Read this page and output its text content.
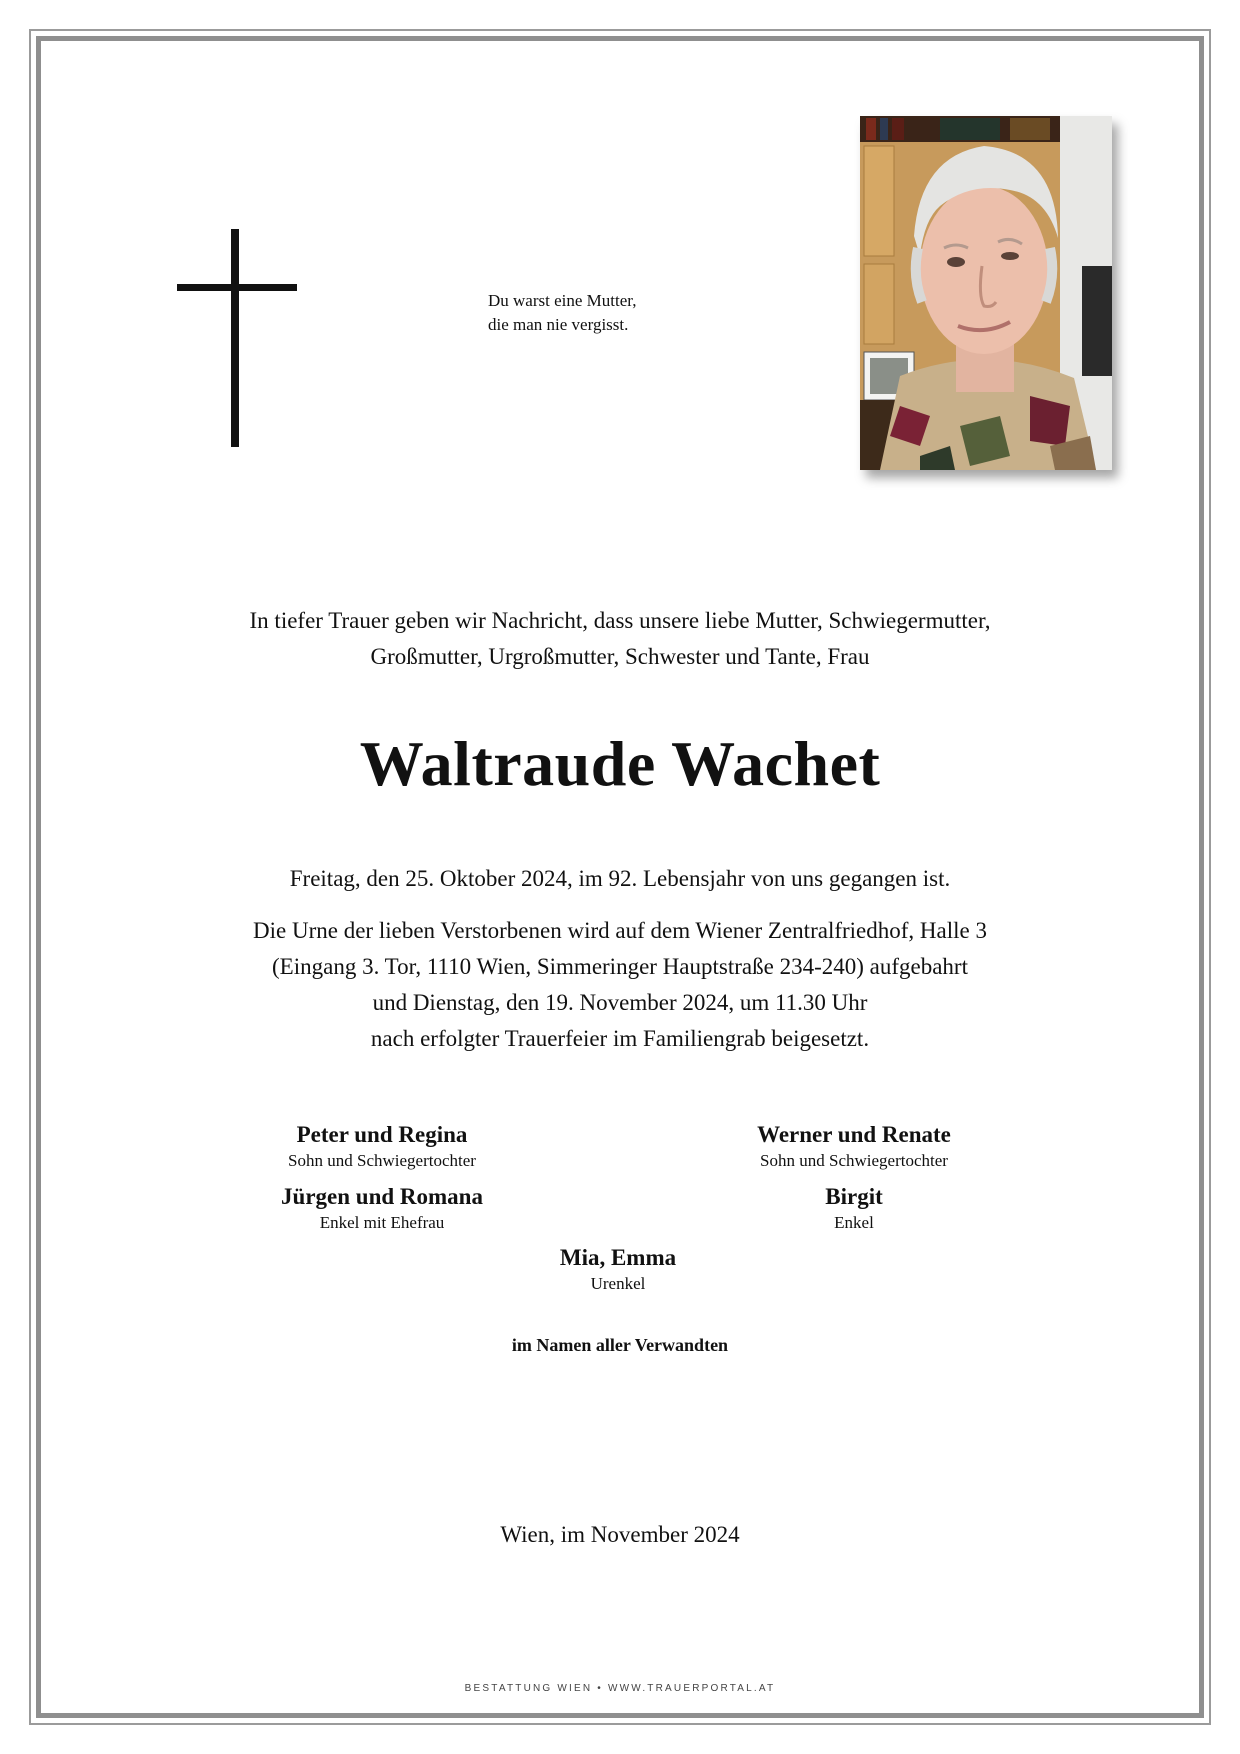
Du warst eine Mutter,
die man nie vergisst.
In tiefer Trauer geben wir Nachricht, dass unsere liebe Mutter, Schwiegermutter,
Großmutter, Urgroßmutter, Schwester und Tante, Frau
Waltraude Wachet
Freitag, den 25. Oktober 2024, im 92. Lebensjahr von uns gegangen ist.
Die Urne der lieben Verstorbenen wird auf dem Wiener Zentralfriedhof, Halle 3
(Eingang 3. Tor, 1110 Wien, Simmeringer Hauptstraße 234-240) aufgebahrt
und Dienstag, den 19. November 2024, um 11.30 Uhr
nach erfolgter Trauerfeier im Familiengrab beigesetzt.
Peter und Regina
Sohn und Schwiegertochter
Werner und Renate
Sohn und Schwiegertochter
Jürgen und Romana
Enkel mit Ehefrau
Birgit
Enkel
Mia, Emma
Urenkel
im Namen aller Verwandten
Wien, im November 2024
BESTATTUNG WIEN • WWW.TRAUERPORTAL.AT
